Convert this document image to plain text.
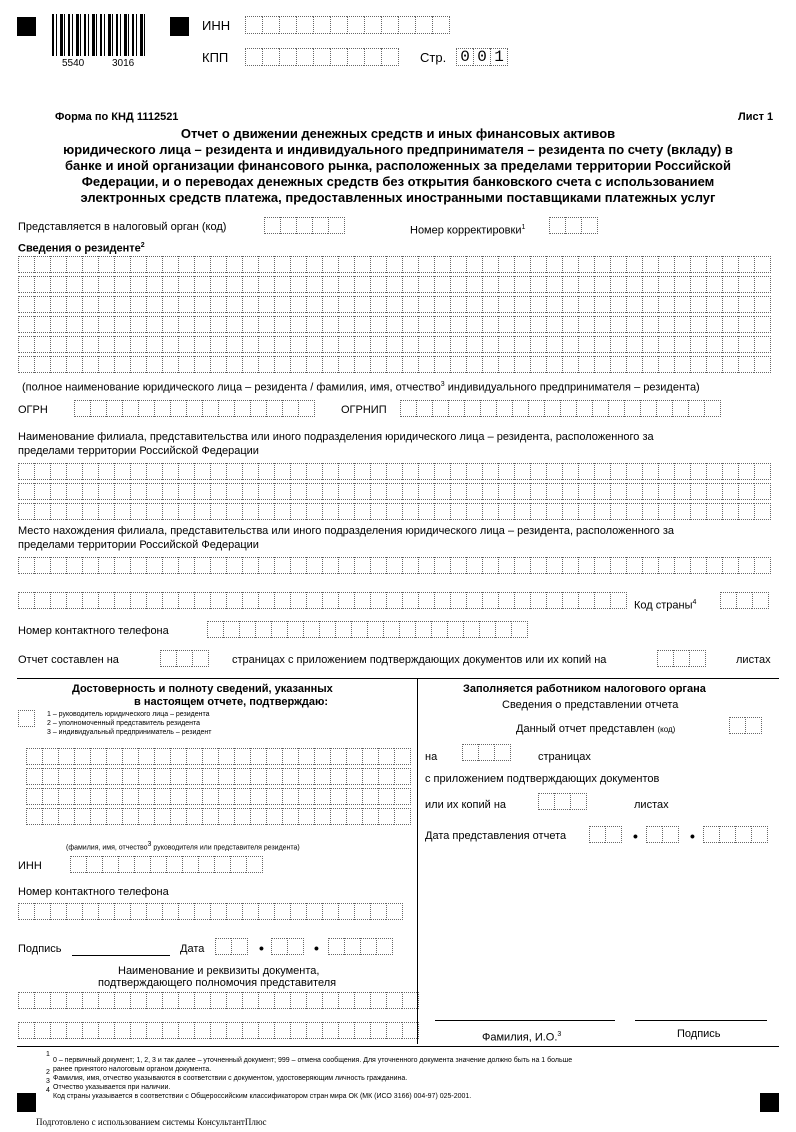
5540	3016
ИНН
КПП	Стр. 0 0 1
Форма по КНД 1112521	Лист 1
Отчет о движении денежных средств и иных финансовых активов
юридического лица – резидента и индивидуального предпринимателя – резидента по счету (вкладу) в
банке и иной организации финансового рынка, расположенных за пределами территории Российской
Федерации, и о переводах денежных средств без открытия банковского счета с использованием
электронных средств платежа, предоставленных иностранными поставщиками платежных услуг
Представляется в налоговый орган (код)	Номер корректировки$^1$
Сведения о резиденте$^2$
(полное наименование юридического лица – резидента / фамилия, имя, отчество$^3$ индивидуального предпринимателя – резидента)
ОГРН	ОГРНИП
Наименование филиала, представительства или иного подразделения юридического лица – резидента, расположенного за
пределами территории Российской Федерации
Место нахождения филиала, представительства или иного подразделения юридического лица – резидента, расположенного за
пределами территории Российской Федерации
Код страны$^4$
Номер контактного телефона
Отчет составлен на	страницах с приложением подтверждающих документов или их копий на	листах
Достоверность и полноту сведений, указанных
в настоящем отчете, подтверждаю:
1 – руководитель юридического лица – резидента
2 – уполномоченный представитель резидента
3 – индивидуальный предприниматель – резидент
(фамилия, имя, отчество$^3$ руководителя или представителя резидента)
ИНН
Номер контактного телефона
Подпись	Дата	•	•
Наименование и реквизиты документа,
подтверждающего полномочия представителя
Заполняется работником налогового органа
Сведения о представлении отчета
Данный отчет представлен (код)
на	страницах
с приложением подтверждающих документов
или их копий на	листах
Дата представления отчета	•	•
Фамилия, И.О.$^3$	Подпись
1
0 – первичный документ; 1, 2, 3 и так далее – уточненный документ; 999 – отмена сообщения. Для уточненного документа значение должно быть на 1 больше
2 ранее принятого налоговым органом документа.
3 Фамилия, имя, отчество указываются в соответствии с документом, удостоверяющим личность гражданина.
4 Отчество указывается при наличии.
Код страны указывается в соответствии с Общероссийским классификатором стран мира ОК (МК (ИСО 3166) 004-97) 025-2001.
Подготовлено с использованием системы КонсультантПлюс
